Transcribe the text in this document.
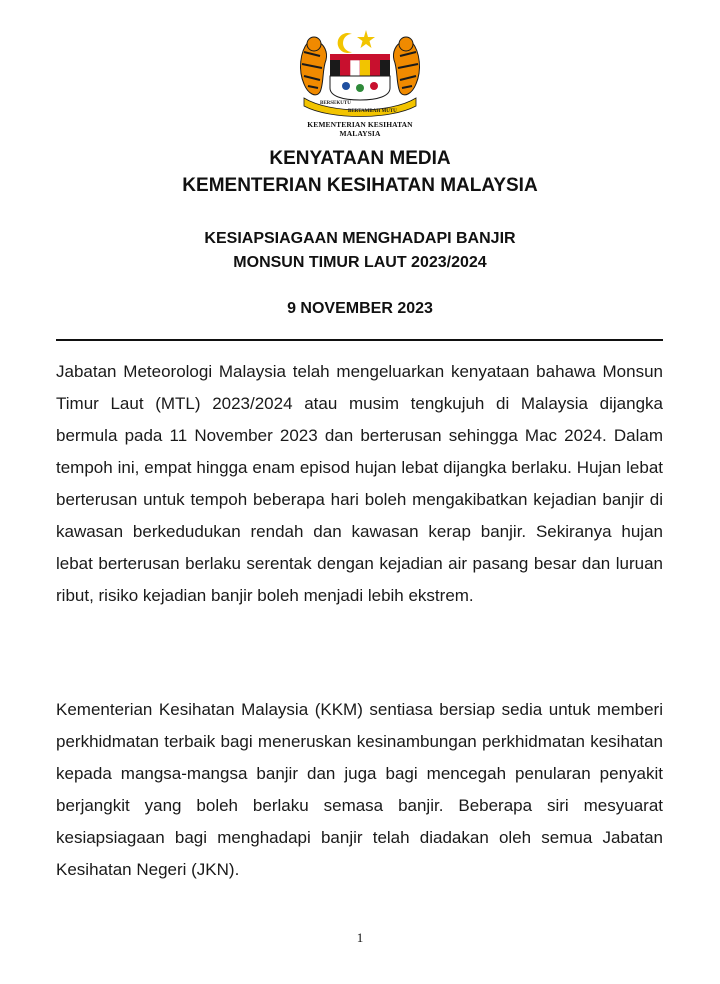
BERSEKUTU
BERTAMBAH MUTU
KEMENTERIAN KESIHATAN MALAYSIA
KENYATAAN MEDIA
KEMENTERIAN KESIHATAN MALAYSIA
KESIAPSIAGAAN MENGHADAPI BANJIR
MONSUN TIMUR LAUT 2023/2024
9 NOVEMBER 2023

Jabatan Meteorologi Malaysia telah mengeluarkan kenyataan bahawa Monsun Timur Laut (MTL) 2023/2024 atau musim tengkujuh di Malaysia dijangka bermula pada 11 November 2023 dan berterusan sehingga Mac 2024. Dalam tempoh ini, empat hingga enam episod hujan lebat dijangka berlaku. Hujan lebat berterusan untuk tempoh beberapa hari boleh mengakibatkan kejadian banjir di kawasan berkedudukan rendah dan kawasan kerap banjir. Sekiranya hujan lebat berterusan berlaku serentak dengan kejadian air pasang besar dan luruan ribut, risiko kejadian banjir boleh menjadi lebih ekstrem.

Kementerian Kesihatan Malaysia (KKM) sentiasa bersiap sedia untuk memberi perkhidmatan terbaik bagi meneruskan kesinambungan perkhidmatan kesihatan kepada mangsa-mangsa banjir dan juga bagi mencegah penularan penyakit berjangkit yang boleh berlaku semasa banjir. Beberapa siri mesyuarat kesiapsiagaan bagi menghadapi banjir telah diadakan oleh semua Jabatan Kesihatan Negeri (JKN).

1
